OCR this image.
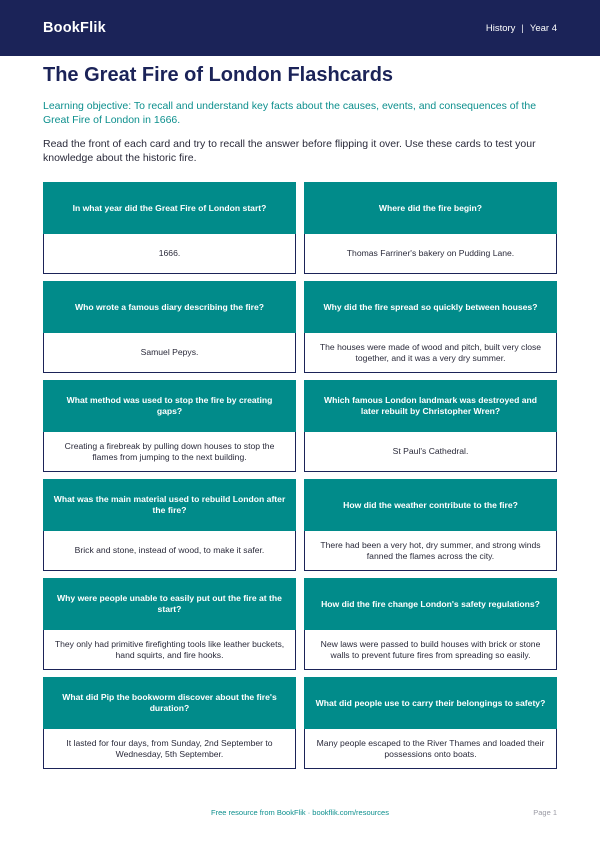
BookFlik	History | Year 4
The Great Fire of London Flashcards

Learning objective: To recall and understand key facts about the causes, events, and consequences of the Great Fire of London in 1666.

Read the front of each card and try to recall the answer before flipping it over. Use these cards to test your knowledge about the historic fire.

In what year did the Great Fire of London start?
1666.
Where did the fire begin?
Thomas Farriner's bakery on Pudding Lane.
Who wrote a famous diary describing the fire?
Samuel Pepys.
Why did the fire spread so quickly between houses?
The houses were made of wood and pitch, built very close together, and it was a very dry summer.
What method was used to stop the fire by creating gaps?
Creating a firebreak by pulling down houses to stop the flames from jumping to the next building.
Which famous London landmark was destroyed and later rebuilt by Christopher Wren?
St Paul's Cathedral.
What was the main material used to rebuild London after the fire?
Brick and stone, instead of wood, to make it safer.
How did the weather contribute to the fire?
There had been a very hot, dry summer, and strong winds fanned the flames across the city.
Why were people unable to easily put out the fire at the start?
They only had primitive firefighting tools like leather buckets, hand squirts, and fire hooks.
How did the fire change London's safety regulations?
New laws were passed to build houses with brick or stone walls to prevent future fires from spreading so easily.
What did Pip the bookworm discover about the fire's duration?
It lasted for four days, from Sunday, 2nd September to Wednesday, 5th September.
What did people use to carry their belongings to safety?
Many people escaped to the River Thames and loaded their possessions onto boats.
Free resource from BookFlik · bookflik.com/resources	Page 1
